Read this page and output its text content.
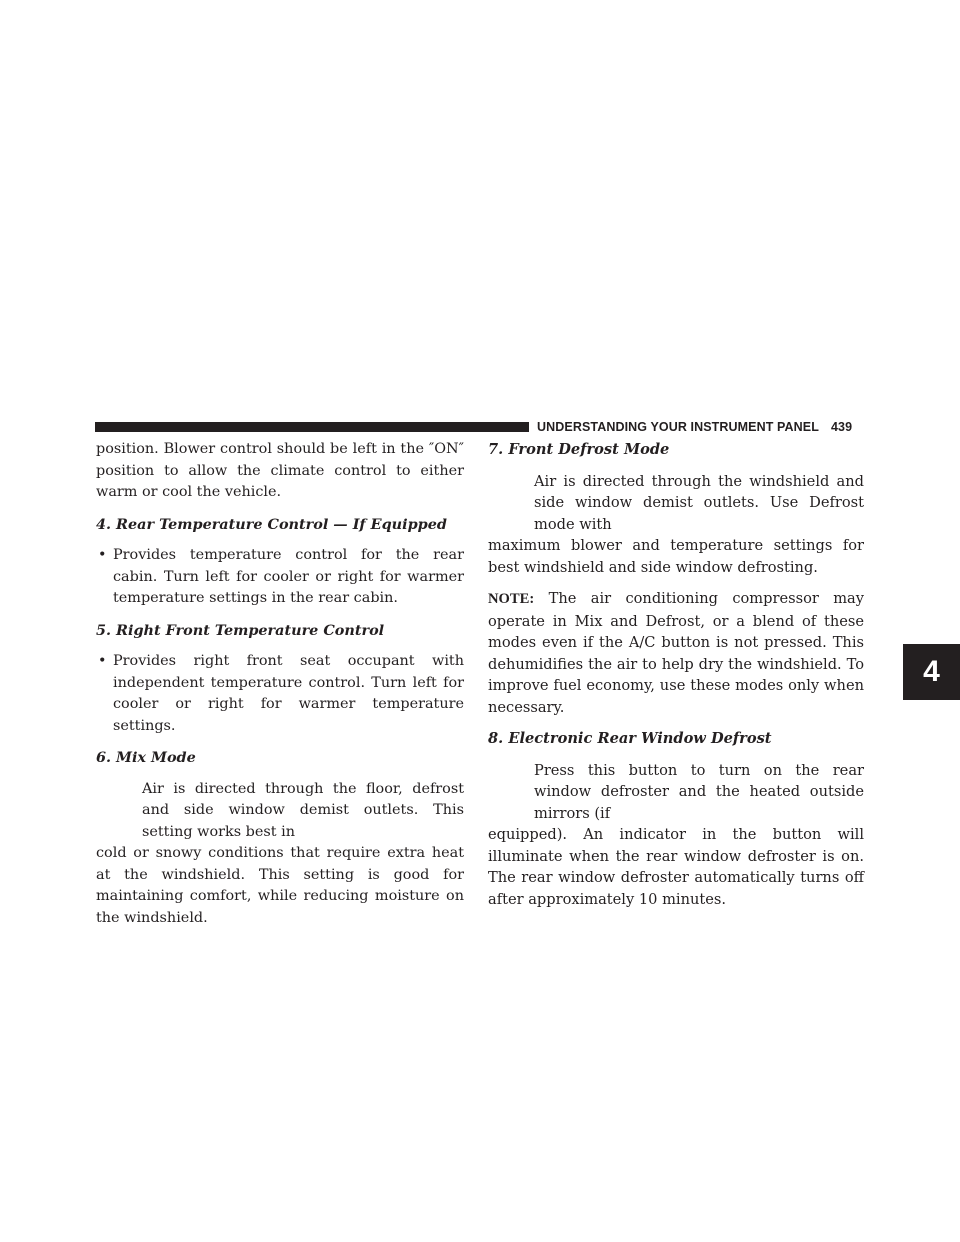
UNDERSTANDING YOUR INSTRUMENT PANEL 439
4

position. Blower control should be left in the ″ON″ position to allow the climate control to either warm or cool the vehicle.

4. Rear Temperature Control — If Equipped

• Provides temperature control for the rear cabin. Turn left for cooler or right for warmer temperature settings in the rear cabin.

5. Right Front Temperature Control

• Provides right front seat occupant with independent temperature control. Turn left for cooler or right for warmer temperature settings.

6. Mix Mode

Air is directed through the floor, defrost and side window demist outlets. This setting works best in

cold or snowy conditions that require extra heat at the windshield. This setting is good for maintaining comfort, while reducing moisture on the windshield.

7. Front Defrost Mode

Air is directed through the windshield and side window demist outlets. Use Defrost mode with

maximum blower and temperature settings for best windshield and side window defrosting.

NOTE: The air conditioning compressor may operate in Mix and Defrost, or a blend of these modes even if the A/C button is not pressed. This dehumidifies the air to help dry the windshield. To improve fuel economy, use these modes only when necessary.

8. Electronic Rear Window Defrost

Press this button to turn on the rear window defroster and the heated outside mirrors (if

equipped). An indicator in the button will illuminate when the rear window defroster is on. The rear window defroster automatically turns off after approximately 10 minutes.
